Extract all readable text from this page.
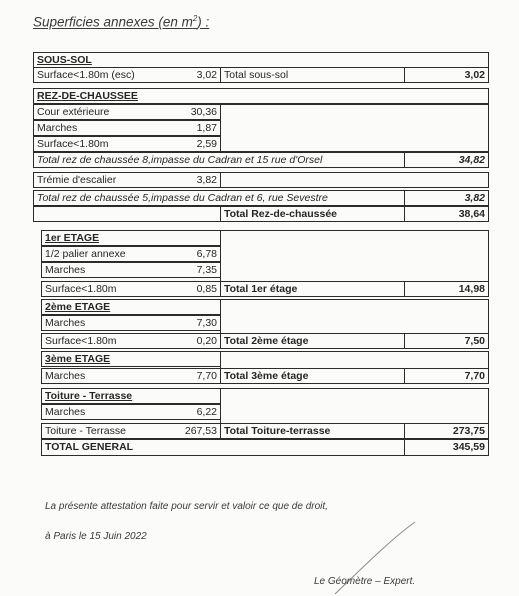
Superficies annexes (en $m^2$) :
SOUS-SOL
Surface<1.80m (esc)	3,02 Total sous-sol	3,02
REZ-DE-CHAUSSEE
Cour extérieure	30,36
Marches	1,87
Surface<1.80m	2,59
Total rez de chaussée 8,impasse du Cadran et 15 rue d'Orsel	34,82
Trémie d'escalier	3,82
Total rez de chaussée 5,impasse du Cadran et 6, rue Sevestre	3,82
Total Rez-de-chaussée	38,64
1er ETAGE
1/2 palier annexe	6,78
Marches	7,35
Surface<1.80m	0,85 Total 1er étage	14,98
2ème ETAGE
Marches	7,30
Surface<1.80m	0,20 Total 2ème étage	7,50
3ème ETAGE
Marches	7,70 Total 3ème étage	7,70
Toiture - Terrasse
Marches	6,22
Toiture - Terrasse	267,53 Total Toiture-terrasse	273,75
TOTAL GENERAL	345,59
La présente attestation faite pour servir et valoir ce que de droit,
à Paris le 15 Juin 2022
Le Géomètre – Expert.
